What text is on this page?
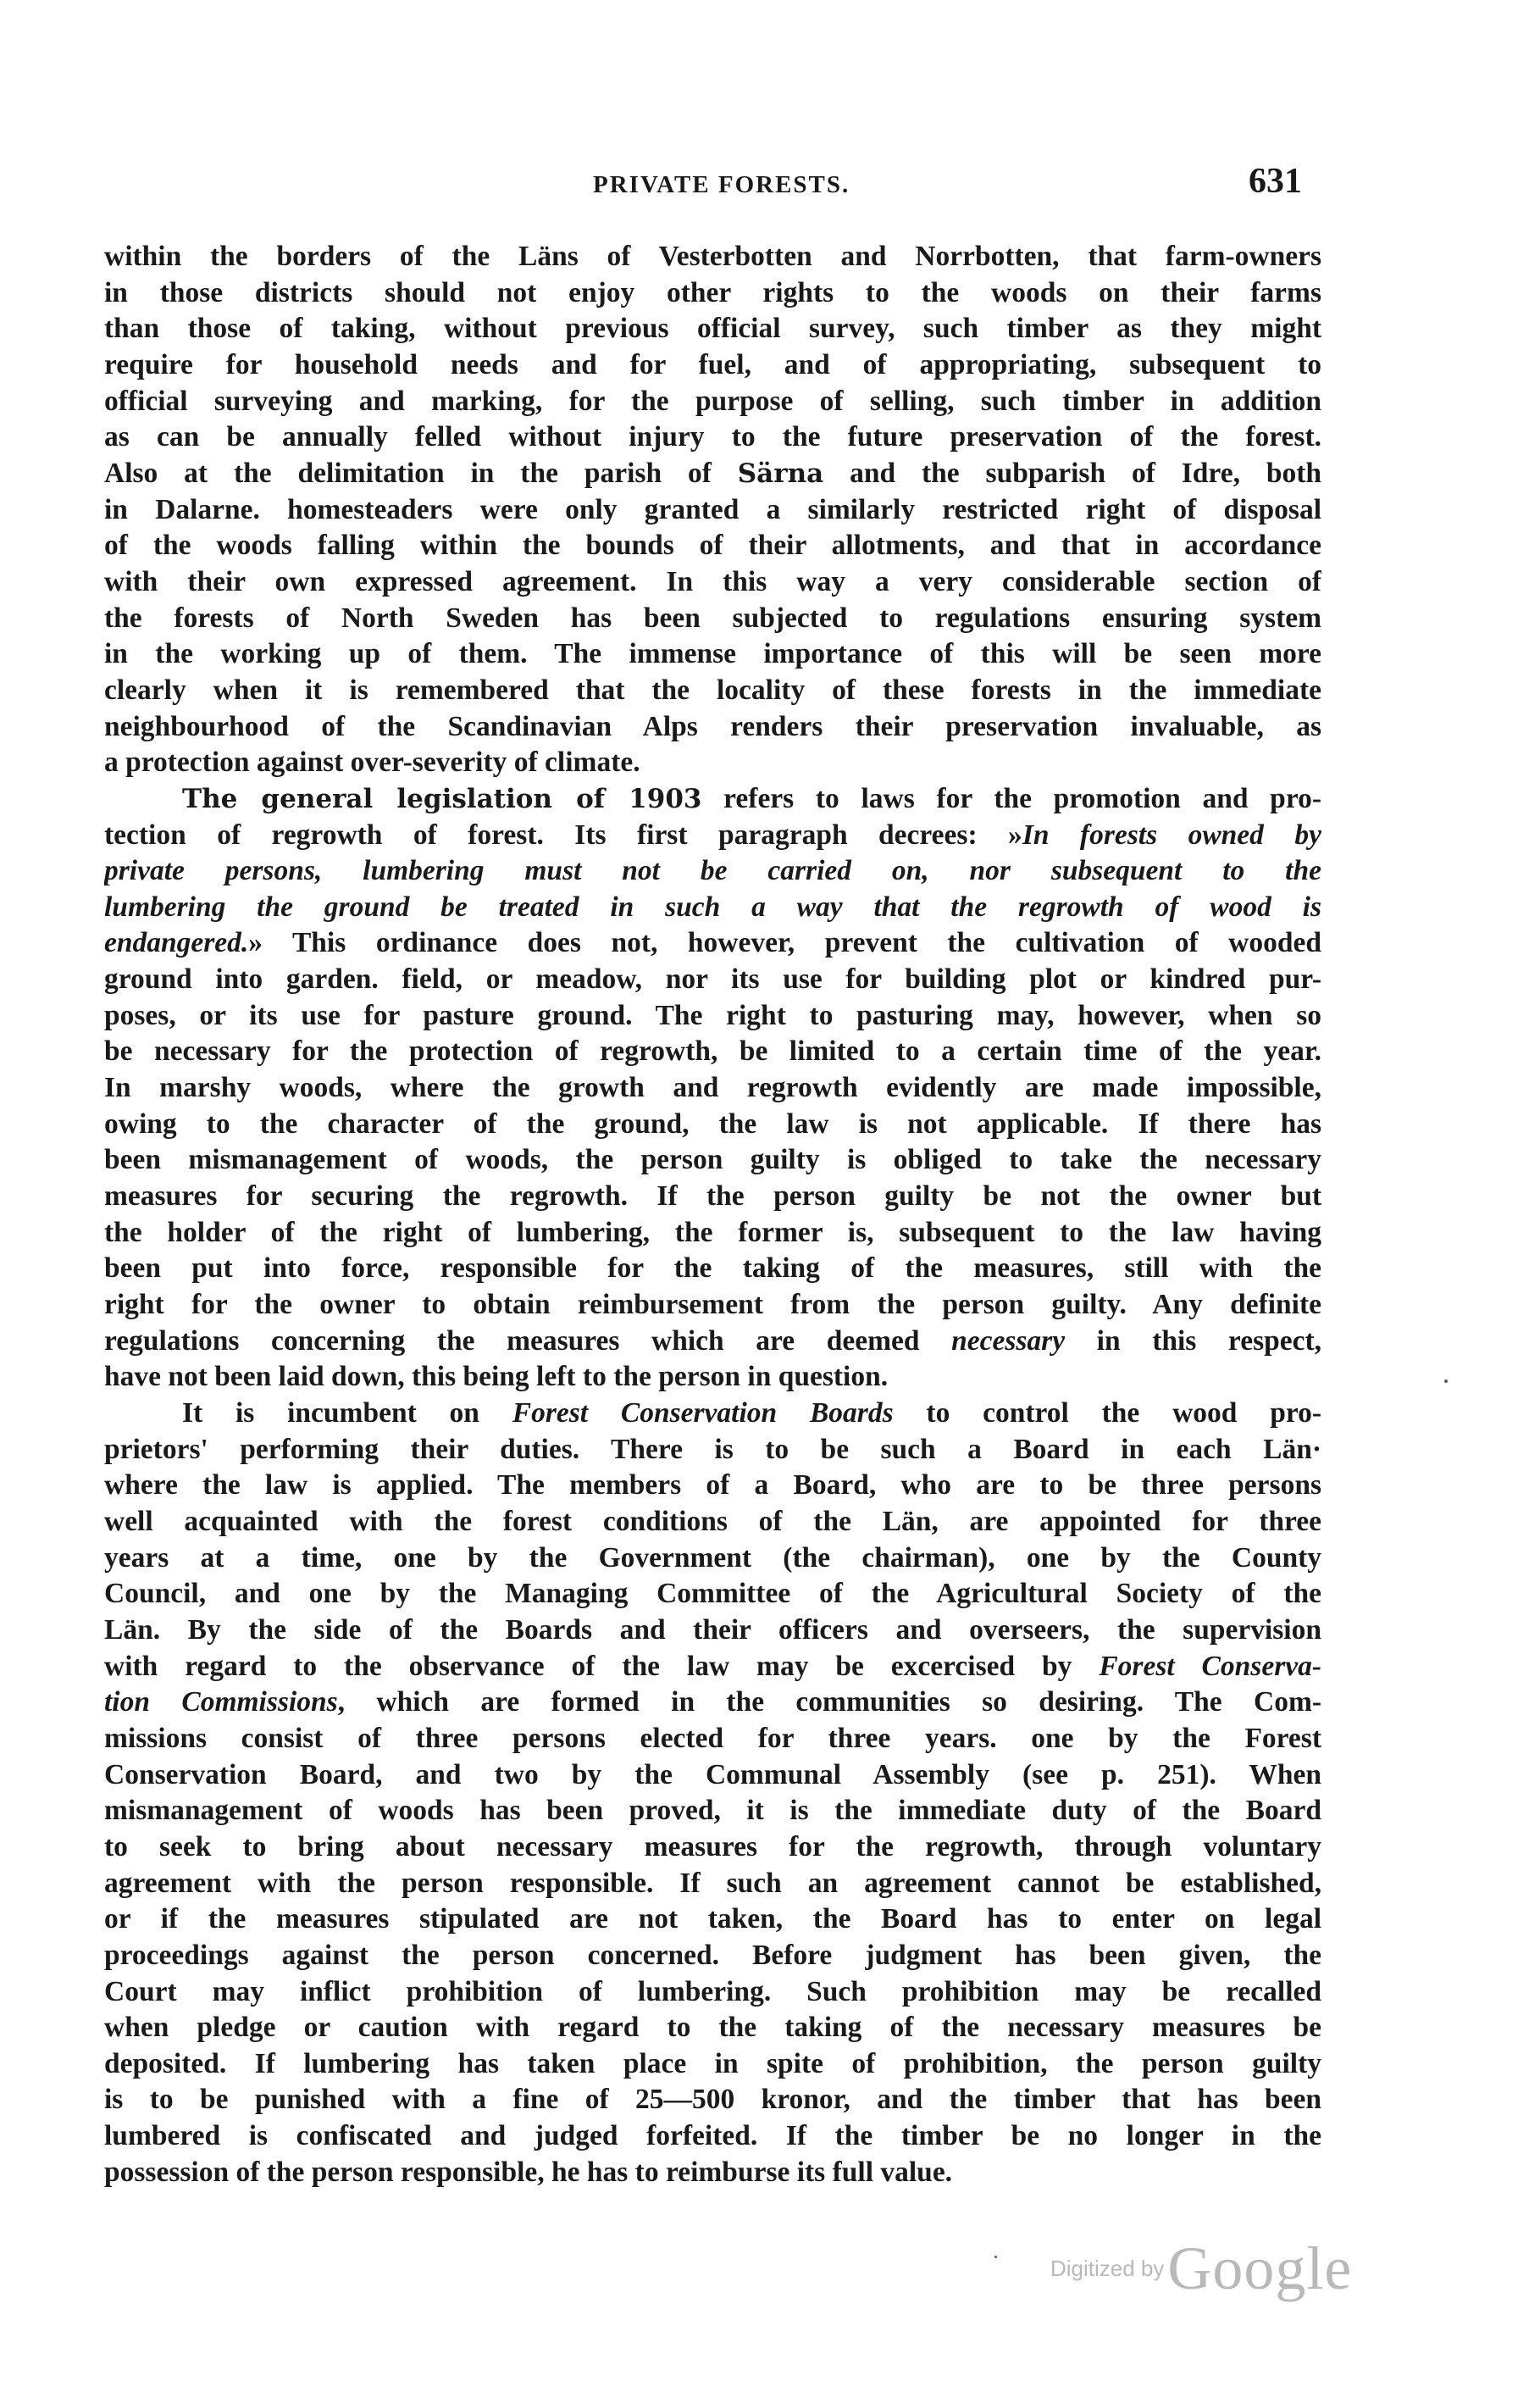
PRIVATE FORESTS.	631
within the borders of the Läns of Vesterbotten and Norrbotten, that farm-owners
in those districts should not enjoy other rights to the woods on their farms
than those of taking, without previous official survey, such timber as they might
require for household needs and for fuel, and of appropriating, subsequent to
official surveying and marking, for the purpose of selling, such timber in addition
as can be annually felled without injury to the future preservation of the forest.
Also at the delimitation in the parish of Särna and the subparish of Idre, both
in Dalarne. homesteaders were only granted a similarly restricted right of disposal
of the woods falling within the bounds of their allotments, and that in accordance
with their own expressed agreement. In this way a very considerable section of
the forests of North Sweden has been subjected to regulations ensuring system
in the working up of them. The immense importance of this will be seen more
clearly when it is remembered that the locality of these forests in the immediate
neighbourhood of the Scandinavian Alps renders their preservation invaluable, as
a protection against over-severity of climate.
The general legislation of 1903 refers to laws for the promotion and pro-
tection of regrowth of forest. Its first paragraph decrees: »In forests owned by
private persons, lumbering must not be carried on, nor subsequent to the
lumbering the ground be treated in such a way that the regrowth of wood is
endangered.» This ordinance does not, however, prevent the cultivation of wooded
ground into garden. field, or meadow, nor its use for building plot or kindred pur-
poses, or its use for pasture ground. The right to pasturing may, however, when so
be necessary for the protection of regrowth, be limited to a certain time of the year.
In marshy woods, where the growth and regrowth evidently are made impossible,
owing to the character of the ground, the law is not applicable. If there has
been mismanagement of woods, the person guilty is obliged to take the necessary
measures for securing the regrowth. If the person guilty be not the owner but
the holder of the right of lumbering, the former is, subsequent to the law having
been put into force, responsible for the taking of the measures, still with the
right for the owner to obtain reimbursement from the person guilty. Any definite
regulations concerning the measures which are deemed necessary in this respect,
have not been laid down, this being left to the person in question.
It is incumbent on Forest Conservation Boards to control the wood pro-
prietors' performing their duties. There is to be such a Board in each Län·
where the law is applied. The members of a Board, who are to be three persons
well acquainted with the forest conditions of the Län, are appointed for three
years at a time, one by the Government (the chairman), one by the County
Council, and one by the Managing Committee of the Agricultural Society of the
Län. By the side of the Boards and their officers and overseers, the supervision
with regard to the observance of the law may be excercised by Forest Conserva-
tion Commissions, which are formed in the communities so desiring. The Com-
missions consist of three persons elected for three years. one by the Forest
Conservation Board, and two by the Communal Assembly (see p. 251). When
mismanagement of woods has been proved, it is the immediate duty of the Board
to seek to bring about necessary measures for the regrowth, through voluntary
agreement with the person responsible. If such an agreement cannot be established,
or if the measures stipulated are not taken, the Board has to enter on legal
proceedings against the person concerned. Before judgment has been given, the
Court may inflict prohibition of lumbering. Such prohibition may be recalled
when pledge or caution with regard to the taking of the necessary measures be
deposited. If lumbering has taken place in spite of prohibition, the person guilty
is to be punished with a fine of 25—500 kronor, and the timber that has been
lumbered is confiscated and judged forfeited. If the timber be no longer in the
possession of the person responsible, he has to reimburse its full value.
Digitized by Google
